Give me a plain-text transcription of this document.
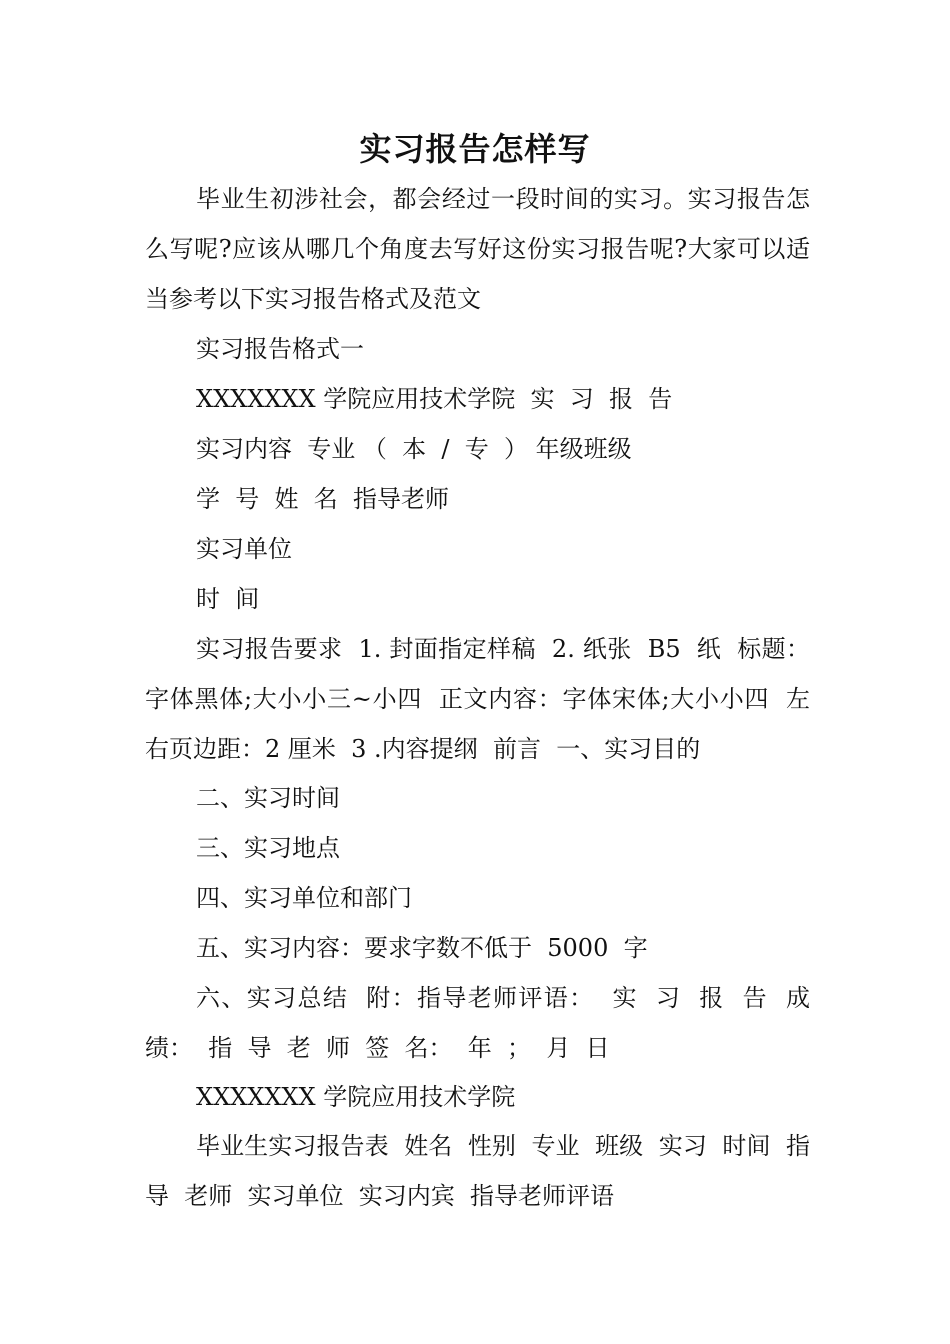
实习报告怎样写
毕业生初涉社会，都会经过一段时间的实习。实习报告怎么写呢?应该从哪几个角度去写好这份实习报告呢?大家可以适当参考以下实习报告格式及范文
实习报告格式一
XXXXXXX 学院应用技术学院  实  习  报  告
实习内容  专业 （  本  /  专  ） 年级班级
学  号  姓  名  指导老师
实习单位
时  间
实习报告要求  1. 封面指定样稿  2. 纸张  B5  纸  标题：字体黑体;大小小三~小四  正文内容：字体宋体;大小小四  左右页边距：2 厘米  3 .内容提纲  前言  一、实习目的
二、实习时间
三、实习地点
四、实习单位和部门
五、实习内容：要求字数不低于  5000  字
六、实习总结  附：指导老师评语：  实  习  报  告  成绩：  指  导  老  师  签  名：  年  ；  月  日
XXXXXXX 学院应用技术学院
毕业生实习报告表  姓名  性别  专业  班级  实习  时间  指导  老师  实习单位  实习内宾  指导老师评语
